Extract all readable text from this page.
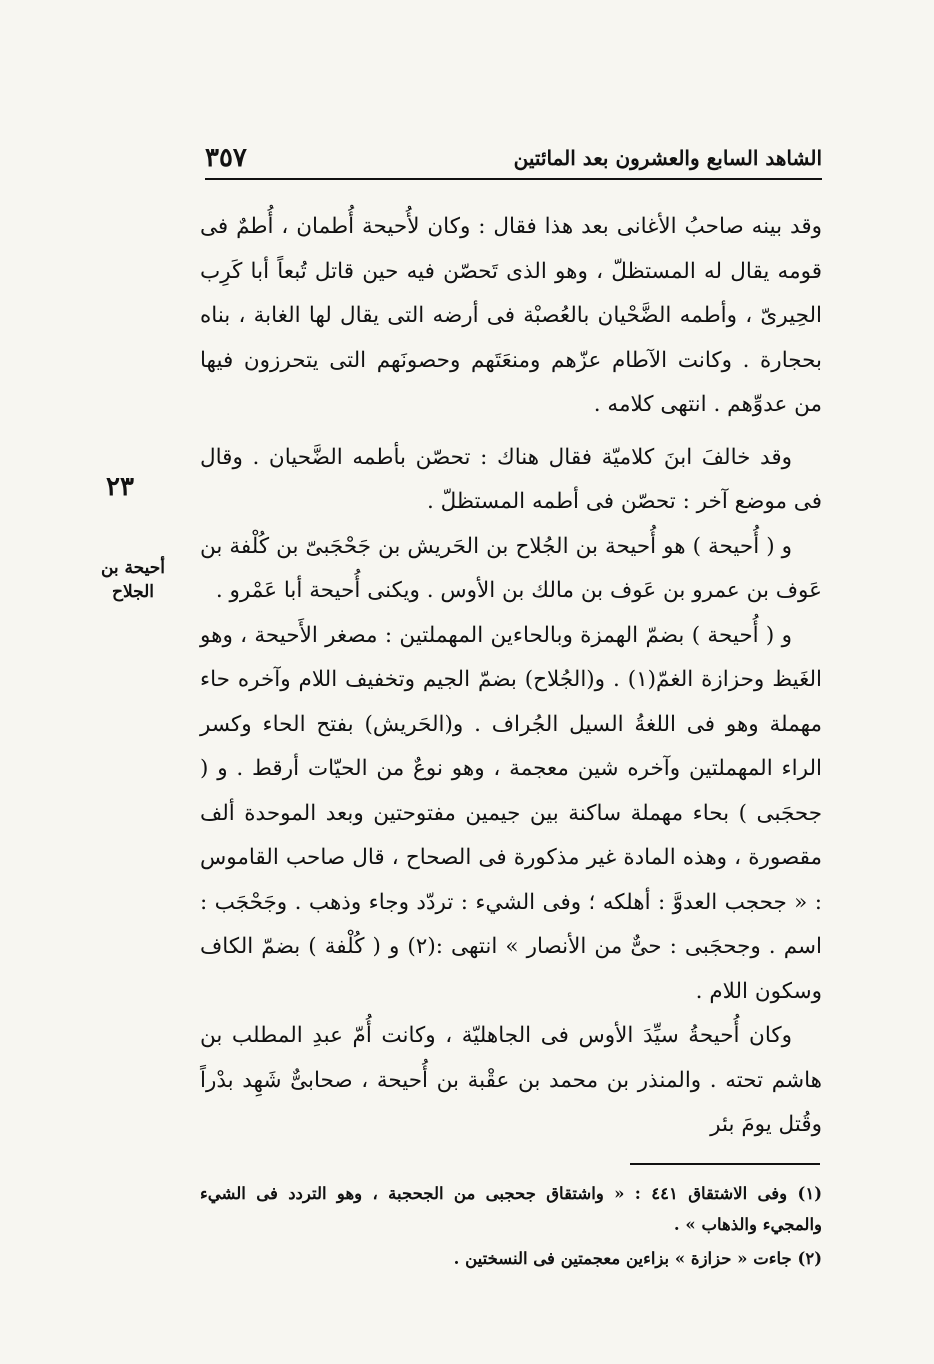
الشاهد السابع والعشرون بعد المائتين
٣٥٧
٢٣
أحيحة بن الجلاح

وقد بينه صاحبُ الأغانى بعد هذا فقال : وكان لأُحيحة أُطمان ، أُطمٌ فى قومه يقال له المستظلّ ، وهو الذى تَحصّن فيه حين قاتل تُبعاً أبا كَرِب الحِيرىّ ، وأطمه الضَّحْيان بالعُصبْة فى أرضه التى يقال لها الغابة ، بناه بحجارة . وكانت الآطام عزّهم ومنعَتَهم وحصونَهم التى يتحرزون فيها من عدوِّهم . انتهى كلامه .

وقد خالفَ ابنَ كلاميّة فقال هناك : تحصّن بأطمه الضَّحيان . وقال فى موضع آخر : تحصّن فى أطمه المستظلّ .

و ( أُحيحة ) هو أُحيحة بن الجُلاح بن الحَريش بن جَحْجَبىّ بن كُلْفة بن عَوف بن عمرو بن عَوف بن مالك بن الأوس . ويكنى أُحيحة أبا عَمْرو .

و ( أُحيحة ) بضمّ الهمزة وبالحاءين المهملتين : مصغر الأَحيحة ، وهو الغَيظ وحزازة الغمّ(١) . و(الجُلاح) بضمّ الجيم وتخفيف اللام وآخره حاء مهملة وهو فى اللغةُ السيل الجُراف . و(الحَريش) بفتح الحاء وكسر الراء المهملتين وآخره شين معجمة ، وهو نوعٌ من الحيّات أرقط . و ( جحجَبى ) بحاء مهملة ساكنة بين جيمين مفتوحتين وبعد الموحدة ألف مقصورة ، وهذه المادة غير مذكورة فى الصحاح ، قال صاحب القاموس : « جحجب العدوَّ : أهلكه ؛ وفى الشيء : تردّد وجاء وذهب . وجَحْجَب : اسم . وجحجَبى : حىٌّ من الأنصار » انتهى :(٢) و ( كُلْفة ) بضمّ الكاف وسكون اللام .

وكان أُحيحةُ سيِّدَ الأوس فى الجاهليّة ، وكانت أُمّ عبدِ المطلب بن هاشم تحته . والمنذر بن محمد بن عقْبة بن أُحيحة ، صحابىٌّ شَهِد بدْراً وقُتل يومَ بئر

(١) وفى الاشتقاق ٤٤١ : « واشتقاق جحجبى من الجحجبة ، وهو التردد فى الشيء والمجيء والذهاب » .

(٢) جاءت « حزازة » بزاءين معجمتين فى النسختين .
